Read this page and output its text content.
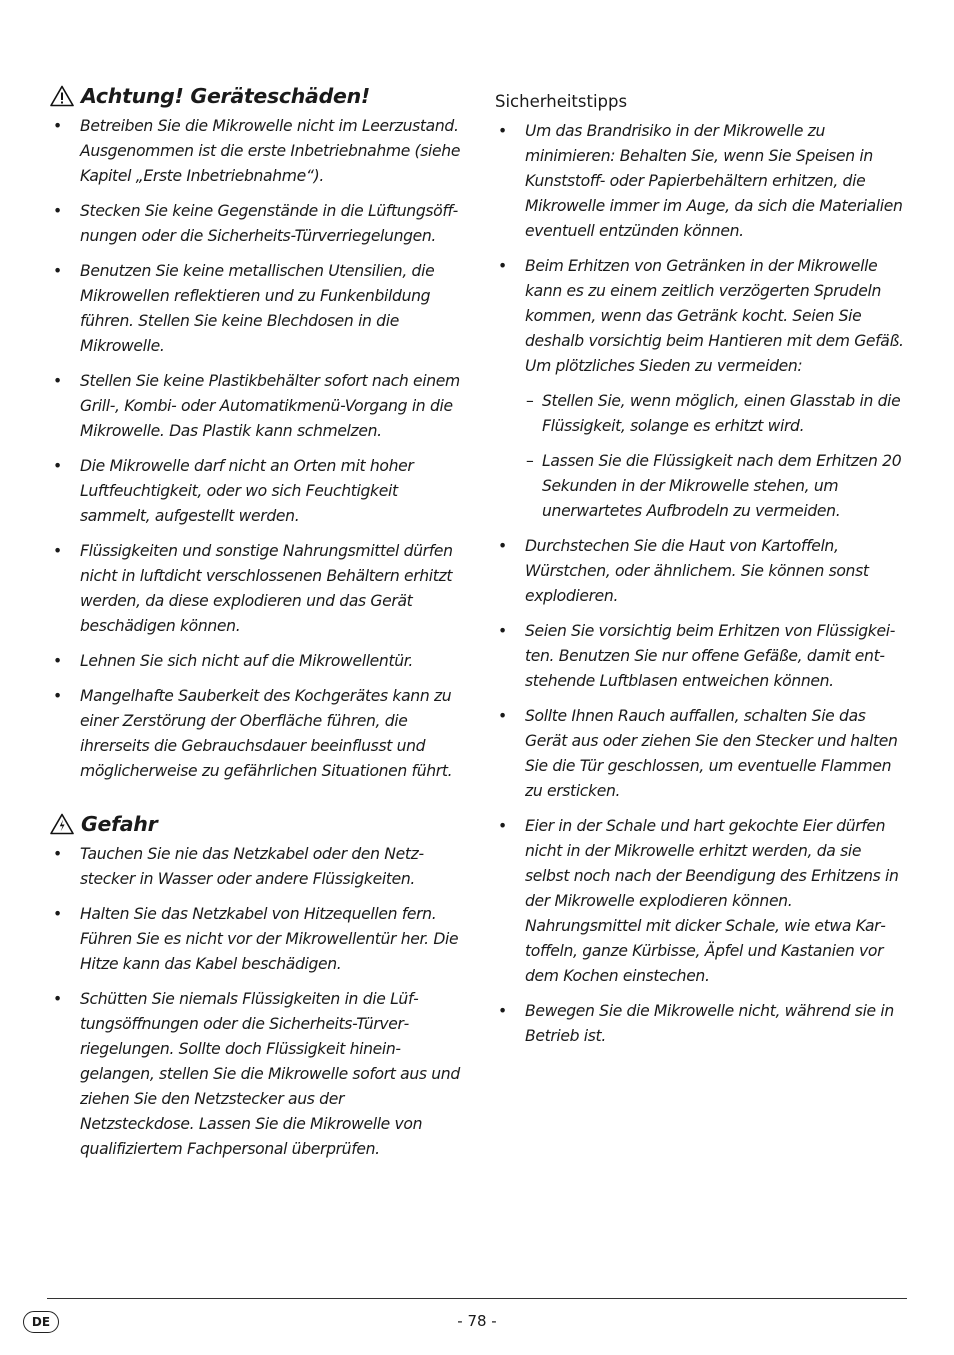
Achtung! Geräteschäden!
• Betreiben Sie die Mikrowelle nicht im Leerzustand. Ausgenommen ist die erste Inbetriebnahme (siehe Kapitel „Erste Inbetriebnahme“).
• Stecken Sie keine Gegenstände in die Lüftungsöffnungen oder die Sicherheits-Türverriegelungen.
• Benutzen Sie keine metallischen Utensilien, die Mikrowellen reflektieren und zu Funkenbildung führen. Stellen Sie keine Blechdosen in die Mikrowelle.
• Stellen Sie keine Plastikbehälter sofort nach einem Grill-, Kombi- oder Automatikmenü-Vorgang in die Mikrowelle. Das Plastik kann schmelzen.
• Die Mikrowelle darf nicht an Orten mit hoher Luftfeuchtigkeit, oder wo sich Feuchtigkeit sammelt, aufgestellt werden.
• Flüssigkeiten und sonstige Nahrungsmittel dürfen nicht in luftdicht verschlossenen Behältern erhitzt werden, da diese explodieren und das Gerät beschädigen können.
• Lehnen Sie sich nicht auf die Mikrowellentür.
• Mangelhafte Sauberkeit des Kochgerätes kann zu einer Zerstörung der Oberfläche führen, die ihrerseits die Gebrauchsdauer beeinflusst und möglicherweise zu gefährlichen Situationen führt.
Gefahr
• Tauchen Sie nie das Netzkabel oder den Netzstecker in Wasser oder andere Flüssigkeiten.
• Halten Sie das Netzkabel von Hitzequellen fern. Führen Sie es nicht vor der Mikrowellentür her. Die Hitze kann das Kabel beschädigen.
• Schütten Sie niemals Flüssigkeiten in die Lüftungsöffnungen oder die Sicherheits-Türverriegelungen. Sollte doch Flüssigkeit hineingelangen, stellen Sie die Mikrowelle sofort aus und ziehen Sie den Netzstecker aus der Netzsteckdose. Lassen Sie die Mikrowelle von qualifiziertem Fachpersonal überprüfen.
Sicherheitstipps
• Um das Brandrisiko in der Mikrowelle zu minimieren: Behalten Sie, wenn Sie Speisen in Kunststoff- oder Papierbehältern erhitzen, die Mikrowelle immer im Auge, da sich die Materialien eventuell entzünden können.
• Beim Erhitzen von Getränken in der Mikrowelle kann es zu einem zeitlich verzögerten Sprudeln kommen, wenn das Getränk kocht. Seien Sie deshalb vorsichtig beim Hantieren mit dem Gefäß. Um plötzliches Sieden zu vermeiden:
– Stellen Sie, wenn möglich, einen Glasstab in die Flüssigkeit, solange es erhitzt wird.
– Lassen Sie die Flüssigkeit nach dem Erhitzen 20 Sekunden in der Mikrowelle stehen, um unerwartetes Aufbrodeln zu vermeiden.
• Durchstechen Sie die Haut von Kartoffeln, Würstchen, oder ähnlichem. Sie können sonst explodieren.
• Seien Sie vorsichtig beim Erhitzen von Flüssigkeiten. Benutzen Sie nur offene Gefäße, damit entstehende Luftblasen entweichen können.
• Sollte Ihnen Rauch auffallen, schalten Sie das Gerät aus oder ziehen Sie den Stecker und halten Sie die Tür geschlossen, um eventuelle Flammen zu ersticken.
• Eier in der Schale und hart gekochte Eier dürfen nicht in der Mikrowelle erhitzt werden, da sie selbst noch nach der Beendigung des Erhitzens in der Mikrowelle explodieren können. Nahrungsmittel mit dicker Schale, wie etwa Kartoffeln, ganze Kürbisse, Äpfel und Kastanien vor dem Kochen einstechen.
• Bewegen Sie die Mikrowelle nicht, während sie in Betrieb ist.
DE	- 78 -
